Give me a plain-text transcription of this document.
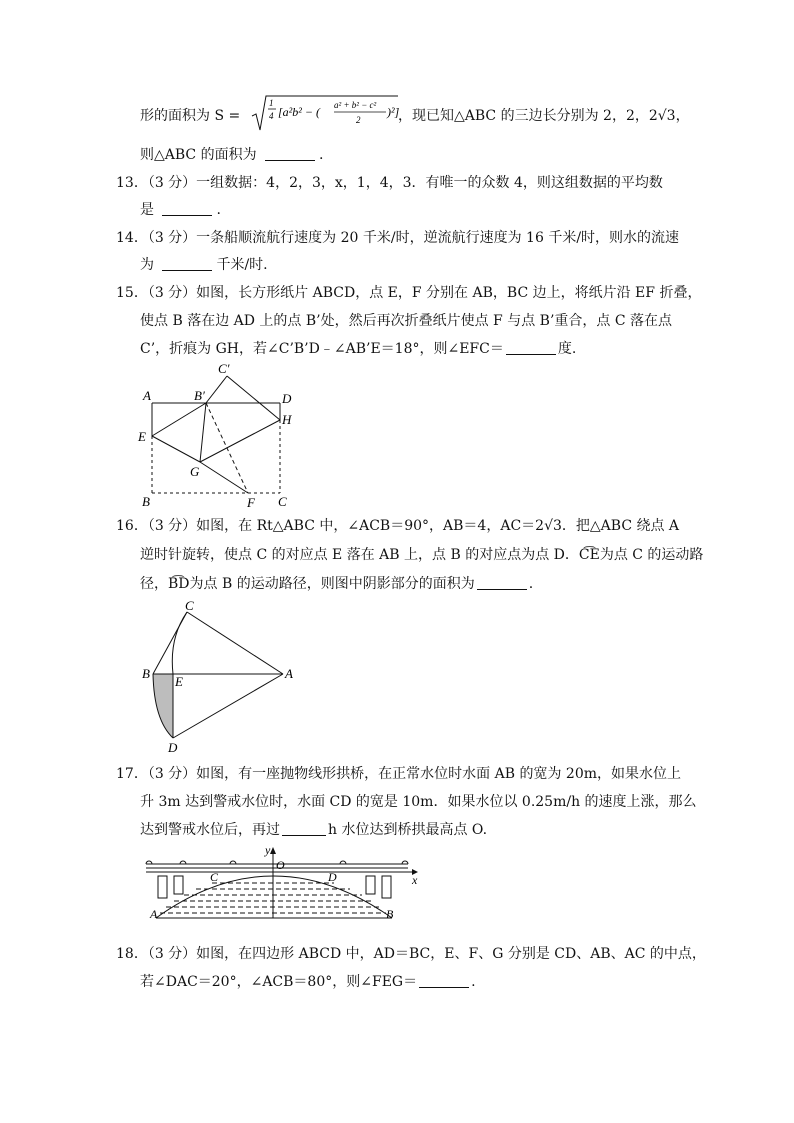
形的面积为 S =
1
4 [a²b² − ( a² + b² − c²
2
)²]
√[¼(a²b² − ((a² + b² − c²)/2)²)]
，现已知△ABC 的三边长分别为 2，2，2√3，
则△ABC 的面积为	.
13．（3 分）一组数据：4，2，3，x，1，4，3．有唯一的众数 4，则这组数据的平均数
是	.
14．（3 分）一条船顺流航行速度为 20 千米/时，逆流航行速度为 16 千米/时，则水的流速
为	千米/时.
15．（3 分）如图，长方形纸片 ABCD，点 E，F 分别在 AB，BC 边上，将纸片沿 EF 折叠，
使点 B 落在边 AD 上的点 B’处，然后再次折叠纸片使点 F 与点 B’重合，点 C 落在点
C’，折痕为 GH，若∠C’B’D﹣∠AB’E＝18°，则∠EFC＝	度.
A	B′
C′
D
H
E
G
B	F C
16．（3 分）如图，在 Rt△ABC 中，∠ACB＝90°，AB＝4，AC＝2√3．把△ABC 绕点 A
逆时针旋转，使点 C 的对应点 E 落在 AB 上，点 B 的对应点为点 D．C͡E为点 C 的运动路
径，B͡D为点 B 的运动路径，则图中阴影部分的面积为	.
C
B
E
A
D
17．（3 分）如图，有一座抛物线形拱桥，在正常水位时水面 AB 的宽为 20m，如果水位上
升 3m 达到警戒水位时，水面 CD 的宽是 10m．如果水位以 0.25m/h 的速度上涨，那么
达到警戒水位后，再过	h 水位达到桥拱最高点 O.
y
O
x
C	D
A	B
18．（3 分）如图，在四边形 ABCD 中，AD＝BC，E、F、G 分别是 CD、AB、AC 的中点，
若∠DAC＝20°，∠ACB＝80°，则∠FEG＝	.
